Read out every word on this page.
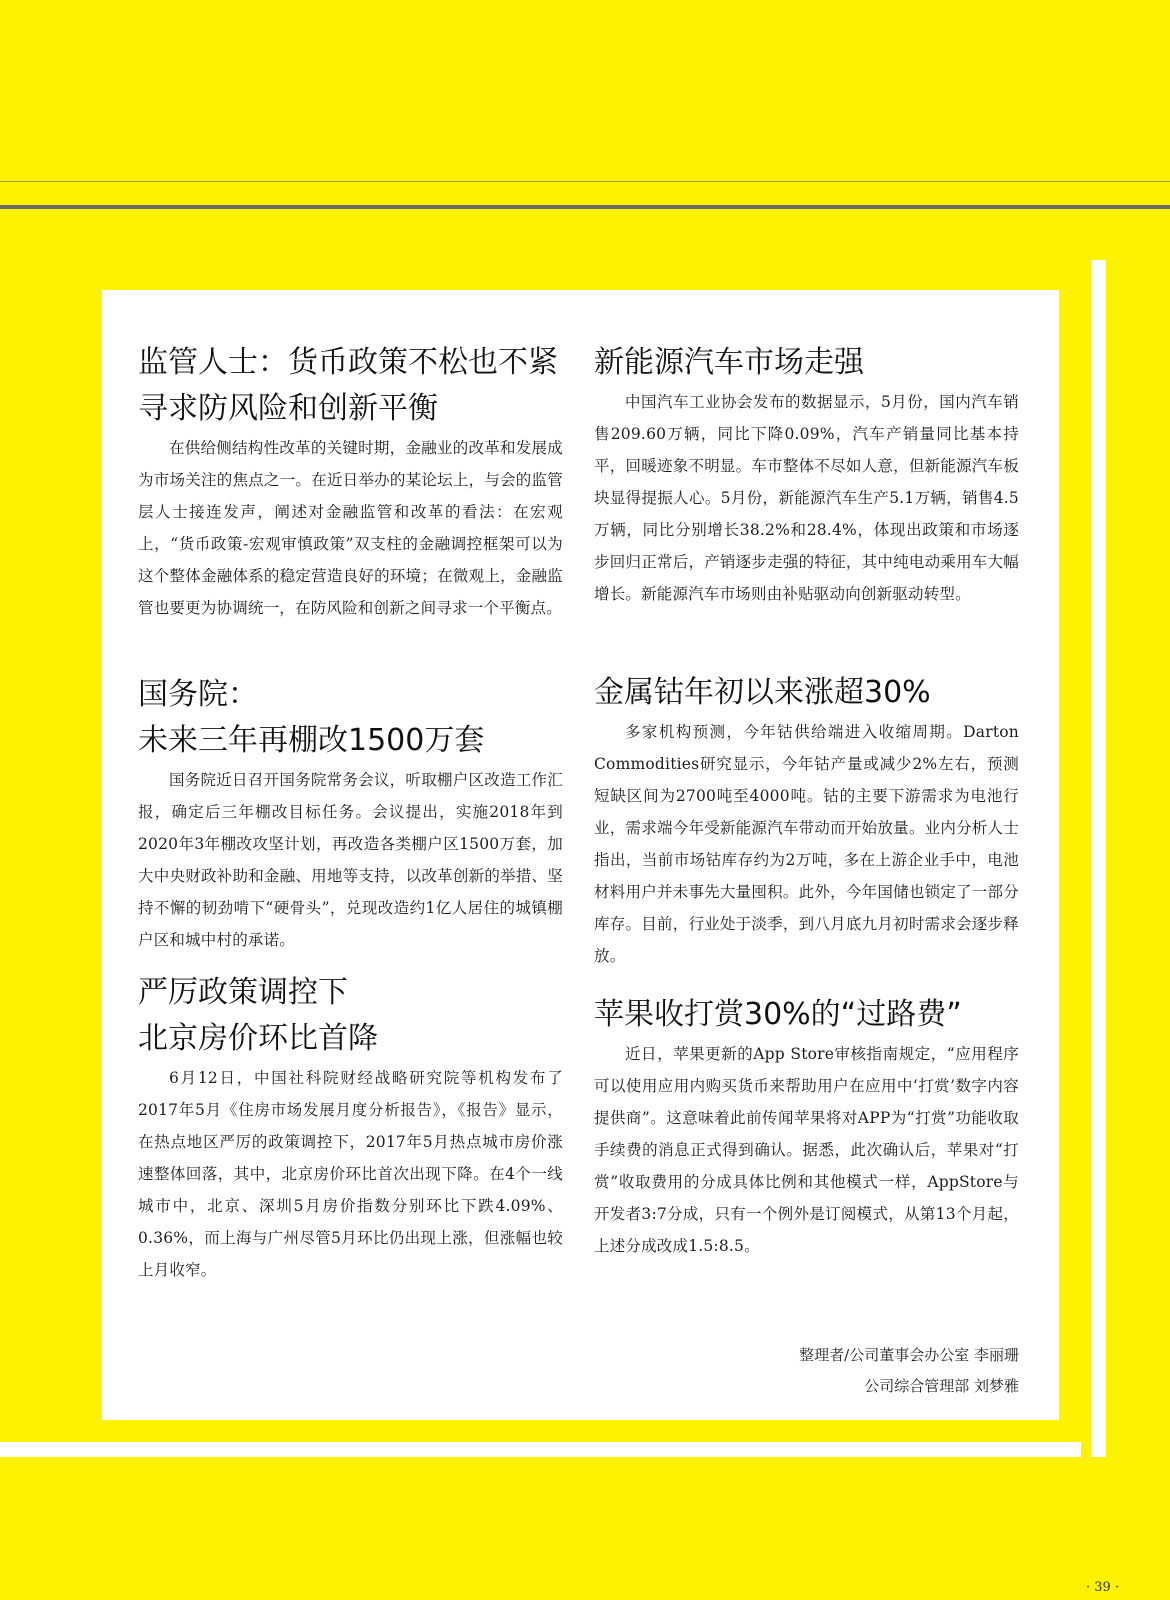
监管人士：货币政策不松也不紧
寻求防风险和创新平衡

在供给侧结构性改革的关键时期，金融业的改革和发展成为市场关注的焦点之一。在近日举办的某论坛上，与会的监管层人士接连发声，阐述对金融监管和改革的看法：在宏观上，“货币政策-宏观审慎政策”双支柱的金融调控框架可以为这个整体金融体系的稳定营造良好的环境；在微观上，金融监管也要更为协调统一，在防风险和创新之间寻求一个平衡点。

国务院：
未来三年再棚改1500万套

国务院近日召开国务院常务会议，听取棚户区改造工作汇报，确定后三年棚改目标任务。会议提出，实施2018年到2020年3年棚改攻坚计划，再改造各类棚户区1500万套，加大中央财政补助和金融、用地等支持，以改革创新的举措、坚持不懈的韧劲啃下“硬骨头”，兑现改造约1亿人居住的城镇棚户区和城中村的承诺。

严厉政策调控下
北京房价环比首降

6月12日，中国社科院财经战略研究院等机构发布了2017年5月《住房市场发展月度分析报告》，《报告》显示，在热点地区严厉的政策调控下，2017年5月热点城市房价涨速整体回落，其中，北京房价环比首次出现下降。在4个一线城市中，北京、深圳5月房价指数分别环比下跌4.09%、0.36%，而上海与广州尽管5月环比仍出现上涨，但涨幅也较上月收窄。

新能源汽车市场走强

中国汽车工业协会发布的数据显示，5月份，国内汽车销售209.60万辆，同比下降0.09%，汽车产销量同比基本持平，回暖迹象不明显。车市整体不尽如人意，但新能源汽车板块显得提振人心。5月份，新能源汽车生产5.1万辆，销售4.5万辆，同比分别增长38.2%和28.4%，体现出政策和市场逐步回归正常后，产销逐步走强的特征，其中纯电动乘用车大幅增长。新能源汽车市场则由补贴驱动向创新驱动转型。

金属钴年初以来涨超30%

多家机构预测，今年钴供给端进入收缩周期。Darton Commodities研究显示，今年钴产量或减少2%左右，预测短缺区间为2700吨至4000吨。钴的主要下游需求为电池行业，需求端今年受新能源汽车带动而开始放量。业内分析人士指出，当前市场钴库存约为2万吨，多在上游企业手中，电池材料用户并未事先大量囤积。此外，今年国储也锁定了一部分库存。目前，行业处于淡季，到八月底九月初时需求会逐步释放。

苹果收打赏30%的“过路费”

近日，苹果更新的App Store审核指南规定，“应用程序可以使用应用内购买货币来帮助用户在应用中‘打赏’数字内容提供商”。这意味着此前传闻苹果将对APP为“打赏”功能收取手续费的消息正式得到确认。据悉，此次确认后，苹果对“打赏”收取费用的分成具体比例和其他模式一样，AppStore与开发者3:7分成，只有一个例外是订阅模式，从第13个月起，上述分成改成1.5:8.5。

整理者/公司董事会办公室 李丽珊
公司综合管理部 刘梦雅
· 39 ·
